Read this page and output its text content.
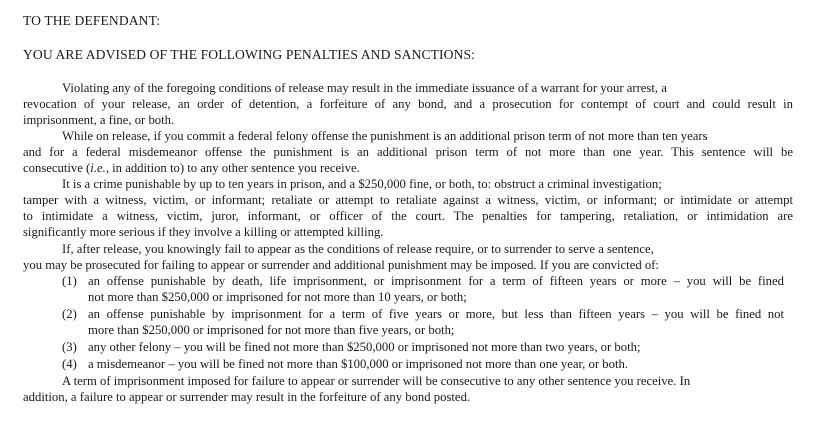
TO THE DEFENDANT:
YOU ARE ADVISED OF THE FOLLOWING PENALTIES AND SANCTIONS:
Violating any of the foregoing conditions of release may result in the immediate issuance of a warrant for your arrest, a
revocation of your release, an order of detention, a forfeiture of any bond, and a prosecution for contempt of court and could result in
imprisonment, a fine, or both.
While on release, if you commit a federal felony offense the punishment is an additional prison term of not more than ten years
and for a federal misdemeanor offense the punishment is an additional prison term of not more than one year. This sentence will be
consecutive (i.e., in addition to) to any other sentence you receive.
It is a crime punishable by up to ten years in prison, and a $250,000 fine, or both, to: obstruct a criminal investigation;
tamper with a witness, victim, or informant; retaliate or attempt to retaliate against a witness, victim, or informant; or intimidate or attempt
to intimidate a witness, victim, juror, informant, or officer of the court. The penalties for tampering, retaliation, or intimidation are
significantly more serious if they involve a killing or attempted killing.
If, after release, you knowingly fail to appear as the conditions of release require, or to surrender to serve a sentence,
you may be prosecuted for failing to appear or surrender and additional punishment may be imposed. If you are convicted of:
(1) an offense punishable by death, life imprisonment, or imprisonment for a term of fifteen years or more – you will be fined
not more than $250,000 or imprisoned for not more than 10 years, or both;
(2) an offense punishable by imprisonment for a term of five years or more, but less than fifteen years – you will be fined not
more than $250,000 or imprisoned for not more than five years, or both;
(3) any other felony – you will be fined not more than $250,000 or imprisoned not more than two years, or both;
(4) a misdemeanor – you will be fined not more than $100,000 or imprisoned not more than one year, or both.
A term of imprisonment imposed for failure to appear or surrender will be consecutive to any other sentence you receive. In
addition, a failure to appear or surrender may result in the forfeiture of any bond posted.
